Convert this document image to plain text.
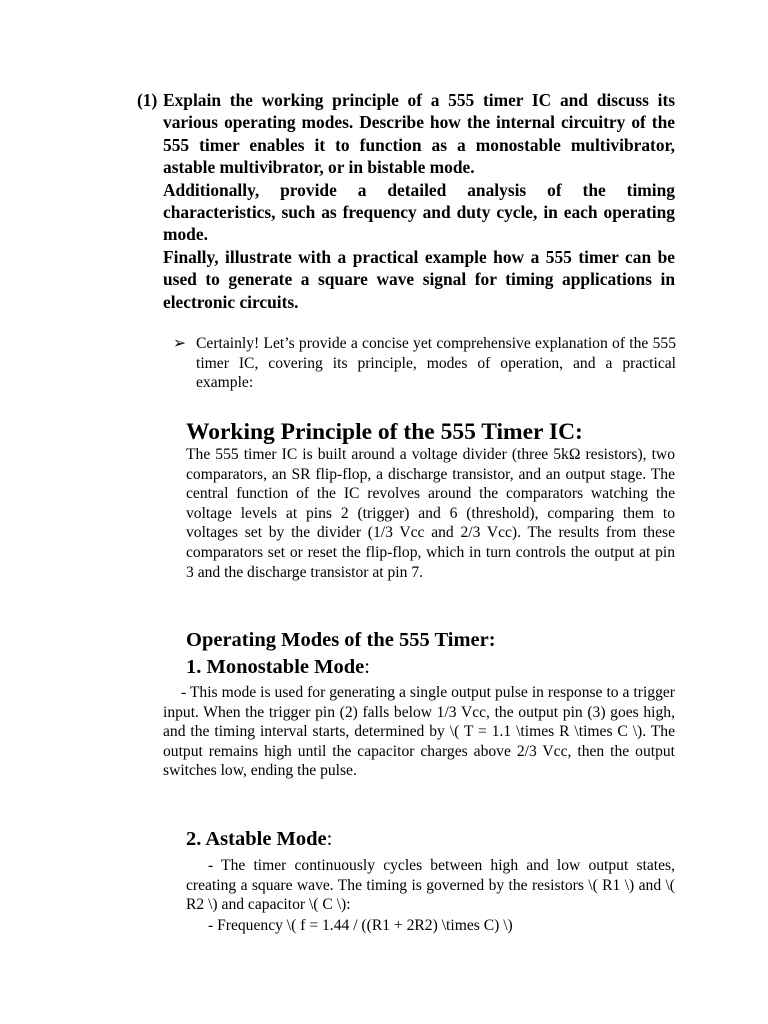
(1) Explain the working principle of a 555 timer IC and discuss its various operating modes. Describe how the internal circuitry of the 555 timer enables it to function as a monostable multivibrator, astable multivibrator, or in bistable mode.

Additionally, provide a detailed analysis of the timing characteristics, such as frequency and duty cycle, in each operating mode.

Finally, illustrate with a practical example how a 555 timer can be used to generate a square wave signal for timing applications in electronic circuits.

➢ Certainly! Let’s provide a concise yet comprehensive explanation of the 555 timer IC, covering its principle, modes of operation, and a practical example:
Working Principle of the 555 Timer IC:

The 555 timer IC is built around a voltage divider (three 5kΩ resistors), two comparators, an SR flip-flop, a discharge transistor, and an output stage. The central function of the IC revolves around the comparators watching the voltage levels at pins 2 (trigger) and 6 (threshold), comparing them to voltages set by the divider (1/3 Vcc and 2/3 Vcc). The results from these comparators set or reset the flip-flop, which in turn controls the output at pin 3 and the discharge transistor at pin 7.

Operating Modes of the 555 Timer:
1. Monostable Mode:

- This mode is used for generating a single output pulse in response to a trigger input. When the trigger pin (2) falls below 1/3 Vcc, the output pin (3) goes high, and the timing interval starts, determined by \( T = 1.1 \times R \times C \). The output remains high until the capacitor charges above 2/3 Vcc, then the output switches low, ending the pulse.

2. Astable Mode:

- The timer continuously cycles between high and low output states, creating a square wave. The timing is governed by the resistors \( R1 \) and \( R2 \) and capacitor \( C \):

- Frequency \( f = 1.44 / ((R1 + 2R2) \times C) \)
